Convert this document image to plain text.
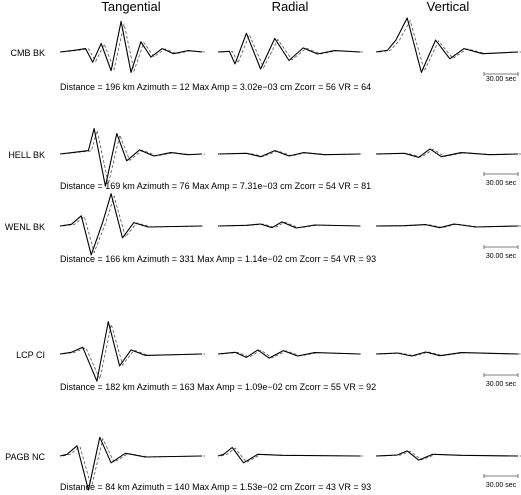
Tangential	Radial	Vertical
CMB BK
HELL BK
WENL BK
LCP CI
PAGB NC
Distance = 196 km Azimuth = 12 Max Amp = 3.02e−03 cm Zcorr = 56 VR = 64
Distance = 169 km Azimuth = 76 Max Amp = 7.31e−03 cm Zcorr = 54 VR = 81
Distance = 166 km Azimuth = 331 Max Amp = 1.14e−02 cm Zcorr = 54 VR = 93
Distance = 182 km Azimuth = 163 Max Amp = 1.09e−02 cm Zcorr = 55 VR = 92
Distance = 84 km Azimuth = 140 Max Amp = 1.53e−02 cm Zcorr = 43 VR = 93
30.00 sec
30.00 sec
30.00 sec
30.00 sec
30.00 sec
